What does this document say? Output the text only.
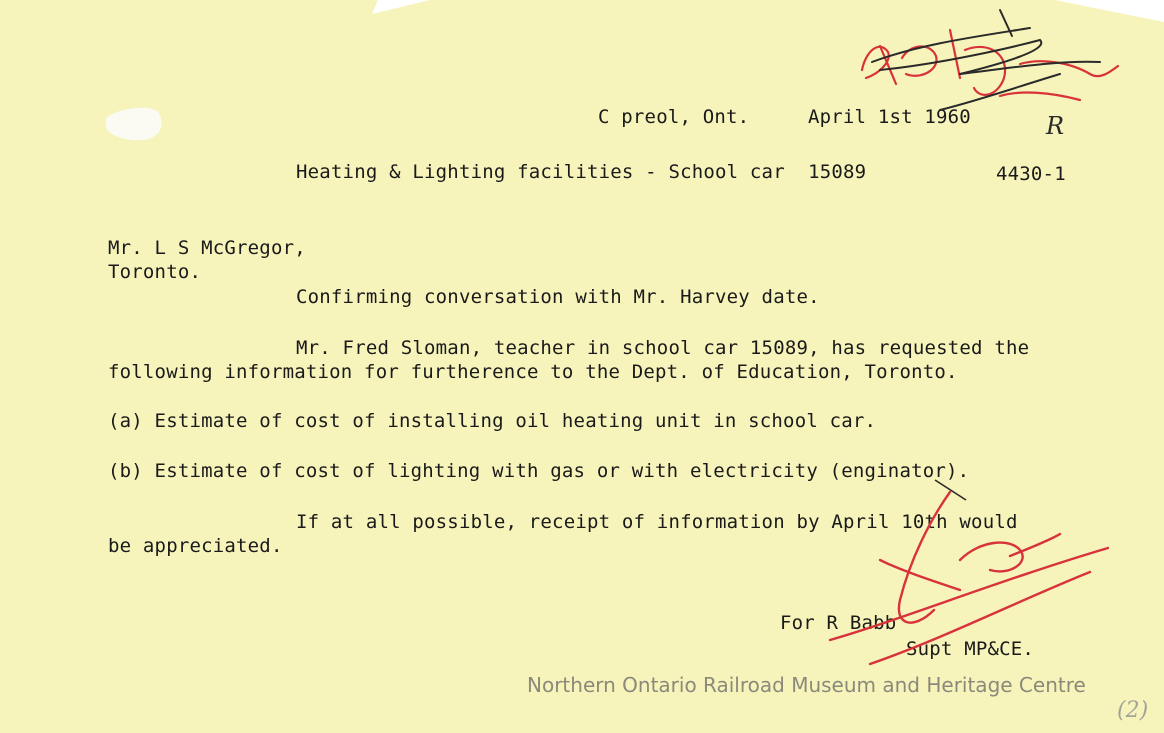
C preol, Ont.	April 1st 1960
Heating & Lighting facilities - School car  15089	4430-1
Mr. L S McGregor,
Toronto.
Confirming conversation with Mr. Harvey date.
Mr. Fred Sloman, teacher in school car 15089, has requested the
following information for furtherence to the Dept. of Education, Toronto.
(a) Estimate of cost of installing oil heating unit in school car.
(b) Estimate of cost of lighting with gas or with electricity (enginator).
If at all possible, receipt of information by April 10th would
be appreciated.
For R Babb
Supt MP&CE.
R
Northern Ontario Railroad Museum and Heritage Centre
(2)
